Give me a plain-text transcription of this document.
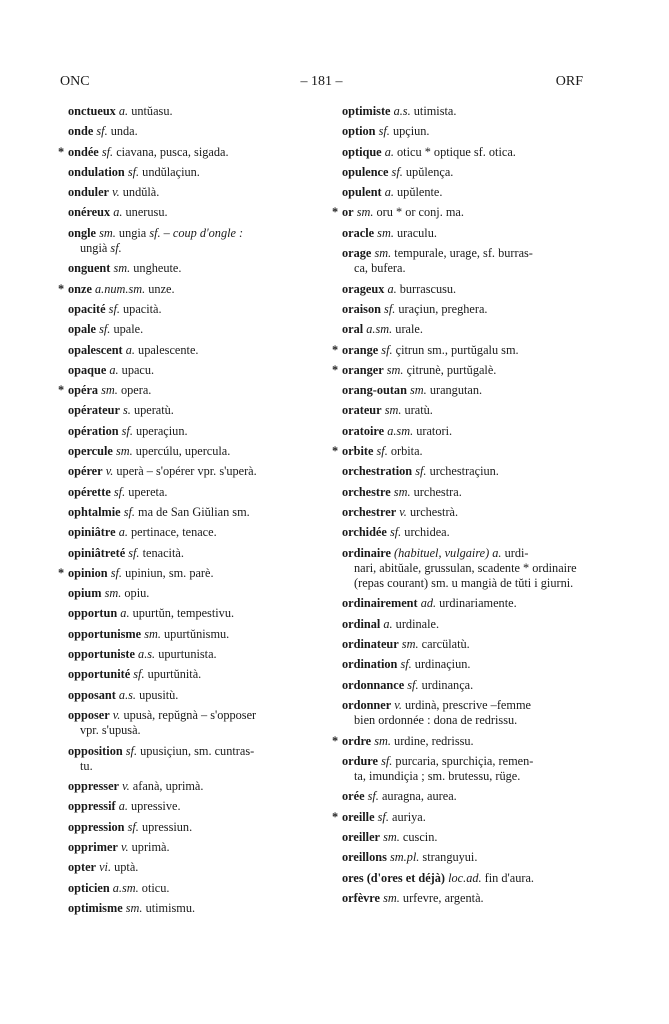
ONC	– 181 –	ORF
onctueux a. untŭasu.
onde sf. unda.
* ondée sf. ciavana, pusca, sigada.
ondulation sf. undŭlaçiun.
onduler v. undŭlà.
onéreux a. unerusu.
ongle sm. ungia sf. – coup d'ongle :
ungià sf.
onguent sm. ungheute.
* onze a.num.sm. unze.
opacité sf. upacità.
opale sf. upale.
opalescent a. upalescente.
opaque a. upacu.
* opéra sm. opera.
opérateur s. uperatù.
opération sf. uperaçiun.
opercule sm. upercúlu, upercula.
opérer v. uperà – s'opérer vpr. s'uperà.
opérette sf. upereta.
ophtalmie sf. ma de San Giŭlian sm.
opiniâtre a. pertinace, tenace.
opiniâtreté sf. tenacità.
* opinion sf. upiniun, sm. parè.
opium sm. opiu.
opportun a. upurtŭn, tempestivu.
opportunisme sm. upurtŭnismu.
opportuniste a.s. upurtunista.
opportunité sf. upurtŭnità.
opposant a.s. upusitù.
opposer v. upusà, repŭgnà – s'opposer
vpr. s'upusà.
opposition sf. upusiçiun, sm. cuntras-
tu.
oppresser v. afanà, uprimà.
oppressif a. upressive.
oppression sf. upressiun.
opprimer v. uprimà.
opter vi. uptà.
opticien a.sm. oticu.
optimisme sm. utimismu.
optimiste a.s. utimista.
option sf. upçiun.
optique a. oticu * optique sf. otica.
opulence sf. upŭlença.
opulent a. upŭlente.
* or sm. oru * or conj. ma.
oracle sm. uraculu.
orage sm. tempurale, urage, sf. burras-
ca, bufera.
orageux a. burrascusu.
oraison sf. uraçiun, preghera.
oral a.sm. urale.
* orange sf. çitrun sm., purtŭgalu sm.
* oranger sm. çitrunè, purtŭgalè.
orang-outan sm. urangutan.
orateur sm. uratù.
oratoire a.sm. uratori.
* orbite sf. orbita.
orchestration sf. urchestraçiun.
orchestre sm. urchestra.
orchestrer v. urchestrà.
orchidée sf. urchidea.
ordinaire (habituel, vulgaire) a. urdi-
nari, abitŭale, grussulan, scadente * ordinaire (repas courant) sm. u mangià de tŭti i giurni.
ordinairement ad. urdinariamente.
ordinal a. urdinale.
ordinateur sm. carcülatù.
ordination sf. urdinaçiun.
ordonnance sf. urdinança.
ordonner v. urdinà, prescrive –femme
bien ordonnée : dona de redrissu.
* ordre sm. urdine, redrissu.
ordure sf. purcaria, spurchiçia, remen-
ta, imundiçia ; sm. brutessu, rüge.
orée sf. auragna, aurea.
* oreille sf. auriya.
oreiller sm. cuscin.
oreillons sm.pl. stranguyui.
ores (d'ores et déjà) loc.ad. fin d'aura.
orfèvre sm. urfevre, argentà.
